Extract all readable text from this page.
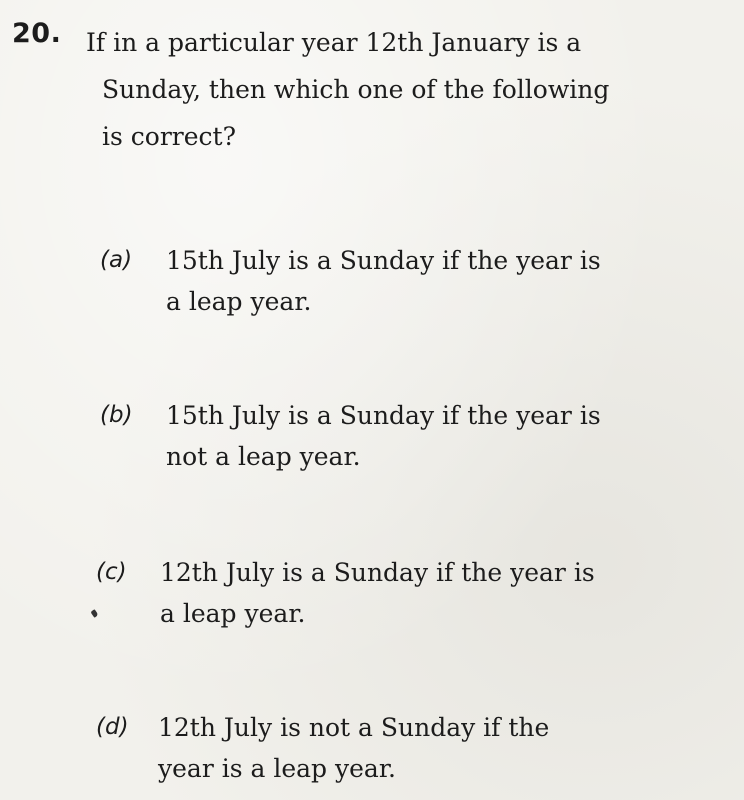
20. If in a particular year 12th January is a
Sunday, then which one of the following
is correct?
(a) 15th July is a Sunday if the year is
a leap year.
(b) 15th July is a Sunday if the year is
not a leap year.
(c) 12th July is a Sunday if the year is
a leap year.
(d) 12th July is not a Sunday if the
year is a leap year.
